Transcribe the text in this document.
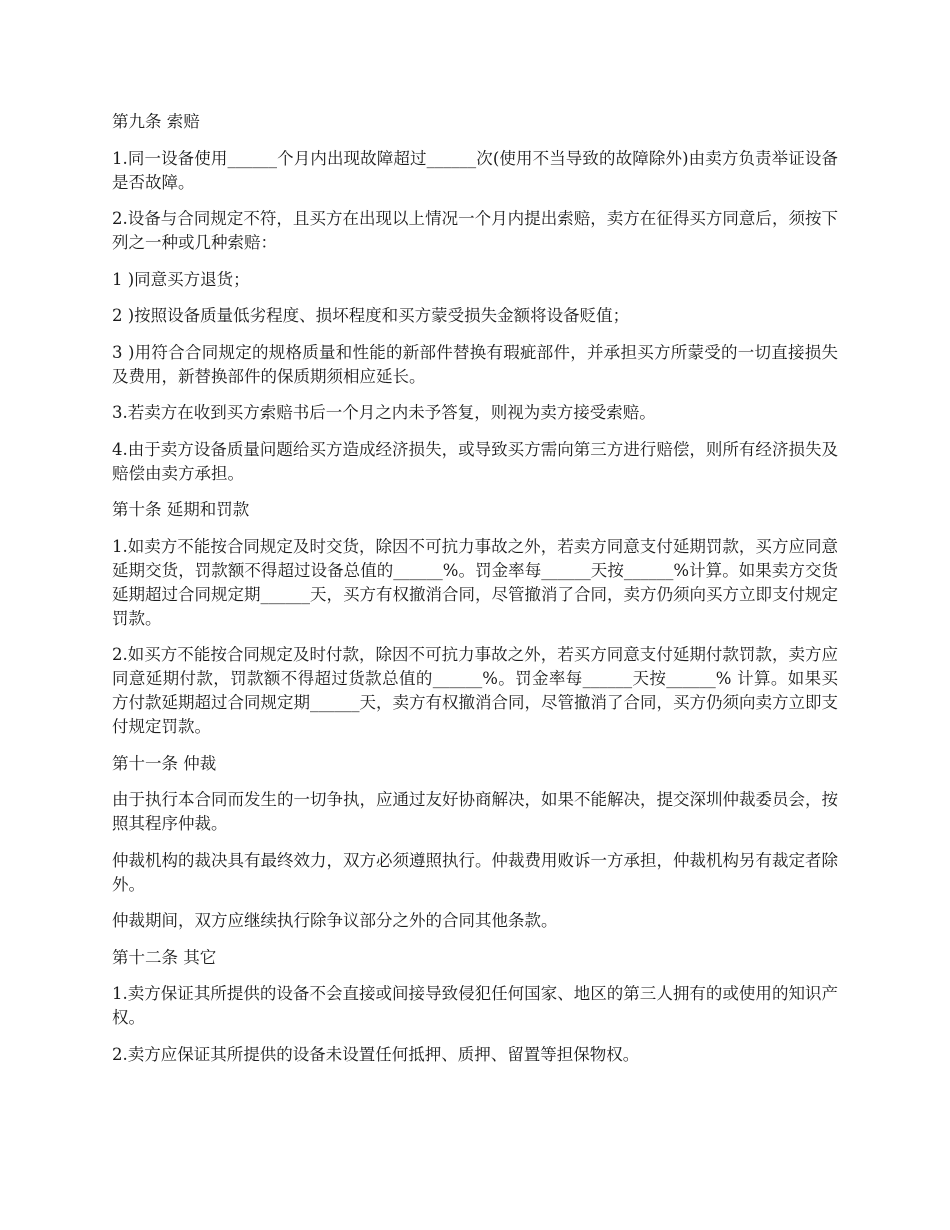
第九条 索赔

1.同一设备使用______个月内出现故障超过______次(使用不当导致的故障除外)由卖方负责举证设备是否故障。

2.设备与合同规定不符，且买方在出现以上情况一个月内提出索赔，卖方在征得买方同意后，须按下列之一种或几种索赔：

1 )同意买方退货；

2 )按照设备质量低劣程度、损坏程度和买方蒙受损失金额将设备贬值；

3 )用符合合同规定的规格质量和性能的新部件替换有瑕疵部件，并承担买方所蒙受的一切直接损失及费用，新替换部件的保质期须相应延长。

3.若卖方在收到买方索赔书后一个月之内未予答复，则视为卖方接受索赔。

4.由于卖方设备质量问题给买方造成经济损失，或导致买方需向第三方进行赔偿，则所有经济损失及赔偿由卖方承担。

第十条 延期和罚款

1.如卖方不能按合同规定及时交货，除因不可抗力事故之外，若卖方同意支付延期罚款，买方应同意延期交货，罚款额不得超过设备总值的______%。罚金率每______天按______%计算。如果卖方交货延期超过合同规定期______天，买方有权撤消合同，尽管撤消了合同，卖方仍须向买方立即支付规定罚款。

2.如买方不能按合同规定及时付款，除因不可抗力事故之外，若买方同意支付延期付款罚款，卖方应同意延期付款，罚款额不得超过货款总值的______%。罚金率每______天按______% 计算。如果买方付款延期超过合同规定期______天，卖方有权撤消合同，尽管撤消了合同，买方仍须向卖方立即支付规定罚款。

第十一条 仲裁

由于执行本合同而发生的一切争执，应通过友好协商解决，如果不能解决，提交深圳仲裁委员会，按照其程序仲裁。

仲裁机构的裁决具有最终效力，双方必须遵照执行。仲裁费用败诉一方承担，仲裁机构另有裁定者除外。

仲裁期间，双方应继续执行除争议部分之外的合同其他条款。

第十二条 其它

1.卖方保证其所提供的设备不会直接或间接导致侵犯任何国家、地区的第三人拥有的或使用的知识产权。

2.卖方应保证其所提供的设备未设置任何抵押、质押、留置等担保物权。
